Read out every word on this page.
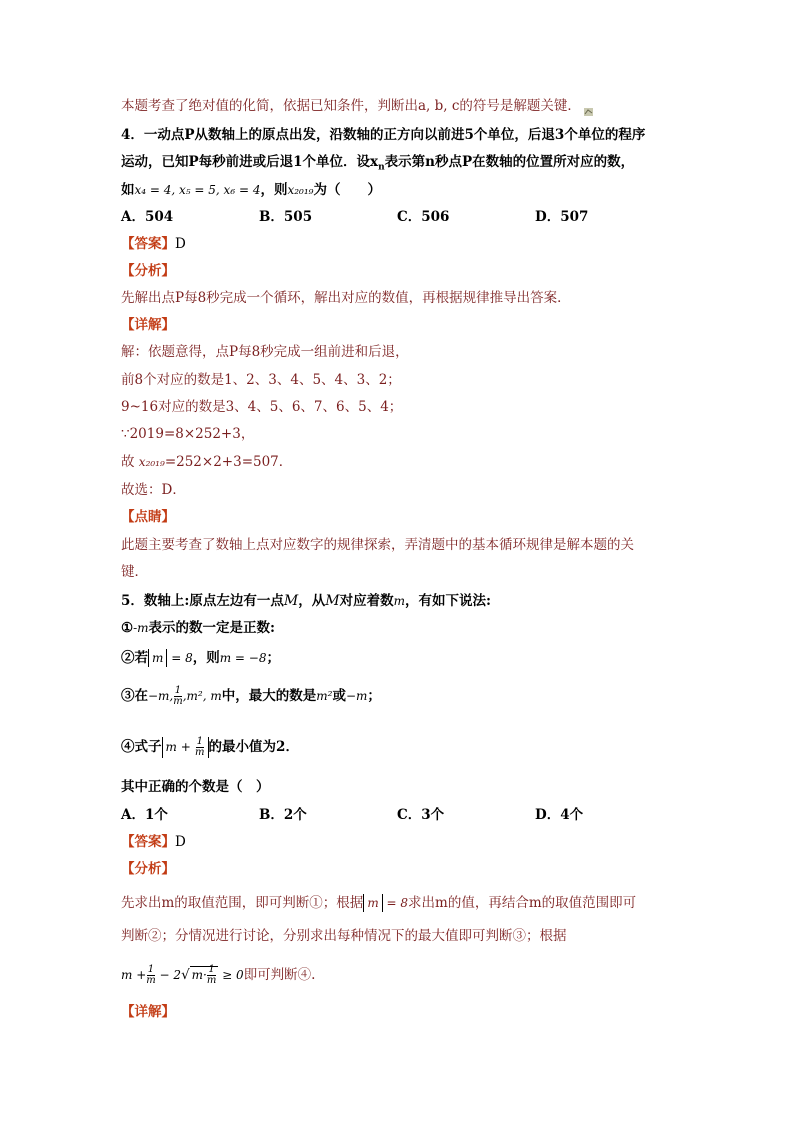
本题考查了绝对值的化简，依据已知条件，判断出a, b, c的符号是解题关键．
4．一动点P从数轴上的原点出发，沿数轴的正方向以前进5个单位，后退3个单位的程序
运动，已知P每秒前进或后退1个单位．设$x_n$表示第n秒点P在数轴的位置所对应的数，
如x₄ = 4, x₅ = 5, x₆ = 4，则x₂₀₁₉为（　　）
A．504	B．505	C．506	D．507
【答案】D
【分析】
先解出点P每8秒完成一个循环，解出对应的数值，再根据规律推导出答案．
【详解】
解：依题意得，点P每8秒完成一组前进和后退，
前8个对应的数是1、2、3、4、5、4、3、2；
9~16对应的数是3、4、5、6、7、6、5、4；
∵2019=8×252+3，
故 x₂₀₁₉=252×2+3=507．
故选：D．
【点睛】
此题主要考查了数轴上点对应数字的规律探索，弄清题中的基本循环规律是解本题的关
键．
5．数轴上:原点左边有一点M，从M对应着数m，有如下说法:
①-m表示的数一定是正数:
②若 m = 8，则m = −8；
③在−m, $\frac{1}{m} ,m^2$, m中，最大的数是m²或−m；
④式子 $m + \frac{1}{m}$ 的最小值为2．
其中正确的个数是（　）
A．1个	B．2个	C．3个	D．4个
【答案】D
【分析】
先求出m的取值范围，即可判断①；根据 m = 8求出m的值，再结合m的取值范围即可
判断②；分情况进行讨论，分别求出每种情况下的最大值即可判断③；根据
$m + \frac{1}{m} - 2√$ $m\cdot \frac{1}{m} \ge 0$即可判断④.
【详解】
